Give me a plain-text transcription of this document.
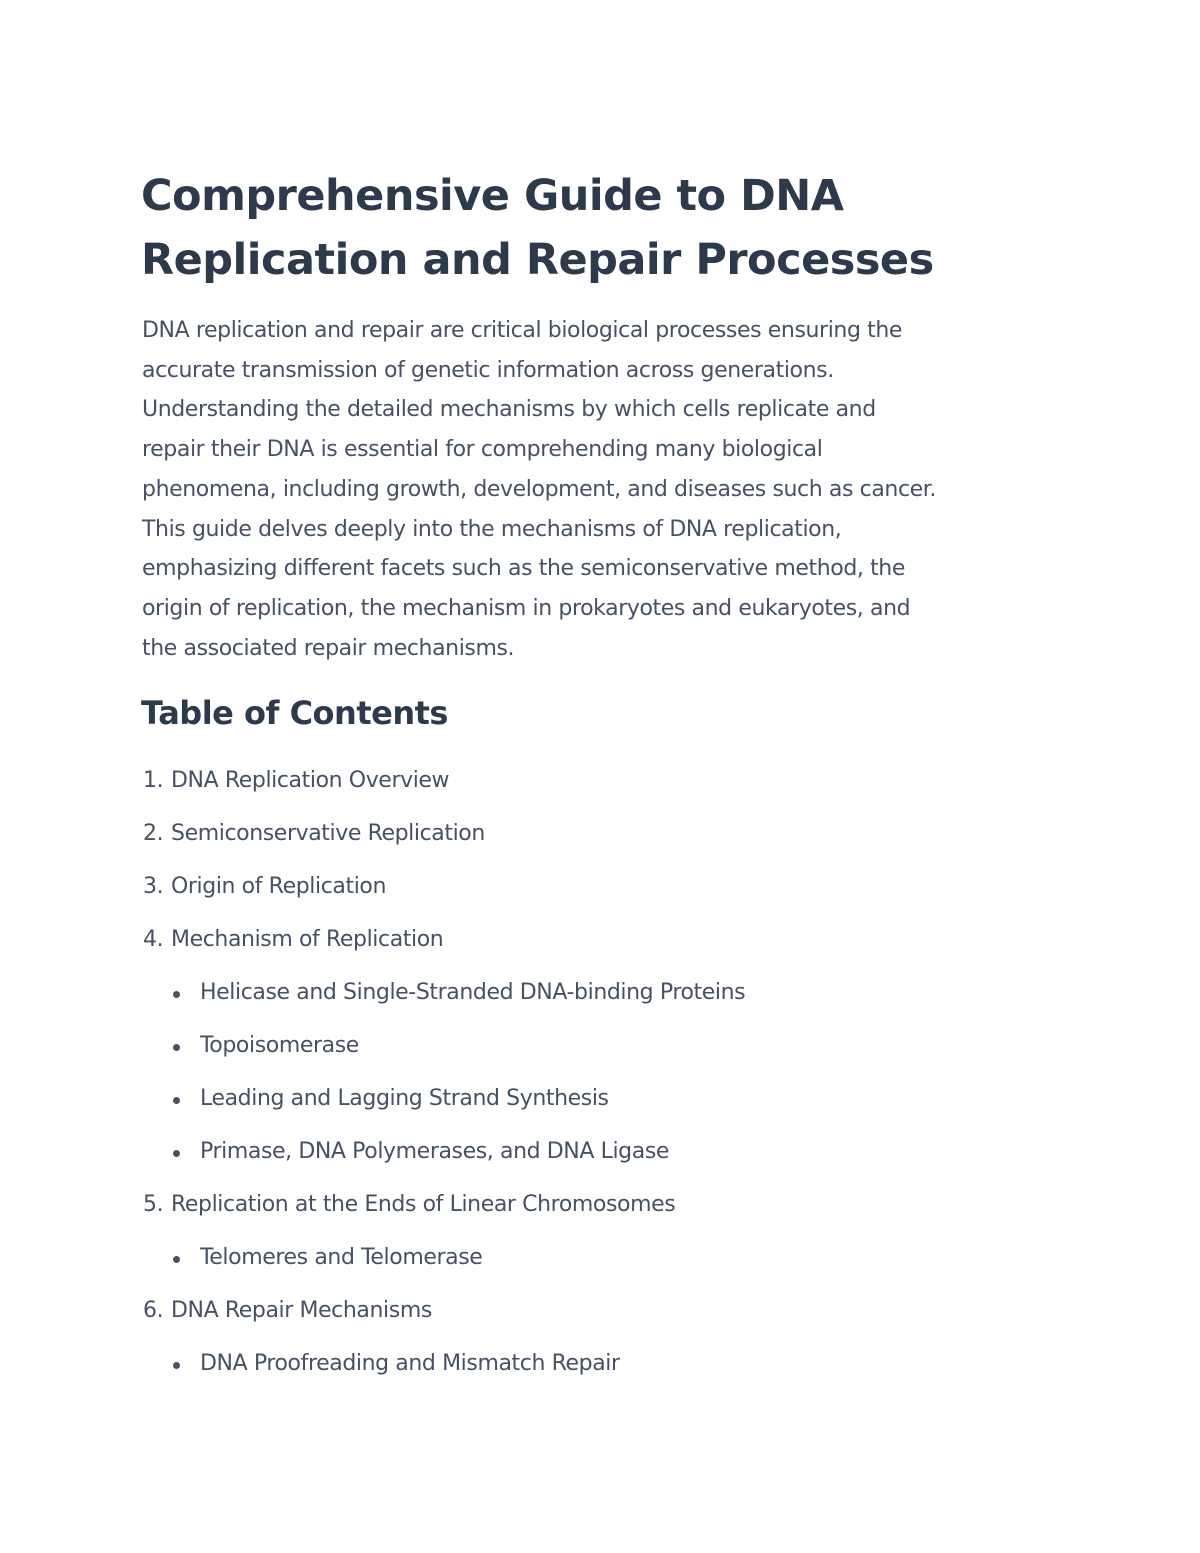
Comprehensive Guide to DNA
Replication and Repair Processes
DNA replication and repair are critical biological processes ensuring the
accurate transmission of genetic information across generations.
Understanding the detailed mechanisms by which cells replicate and
repair their DNA is essential for comprehending many biological
phenomena, including growth, development, and diseases such as cancer.
This guide delves deeply into the mechanisms of DNA replication,
emphasizing different facets such as the semiconservative method, the
origin of replication, the mechanism in prokaryotes and eukaryotes, and
the associated repair mechanisms.
Table of Contents
1. DNA Replication Overview
2. Semiconservative Replication
3. Origin of Replication
4. Mechanism of Replication
Helicase and Single-Stranded DNA-binding Proteins
Topoisomerase
Leading and Lagging Strand Synthesis
Primase, DNA Polymerases, and DNA Ligase
5. Replication at the Ends of Linear Chromosomes
Telomeres and Telomerase
6. DNA Repair Mechanisms
DNA Proofreading and Mismatch Repair
